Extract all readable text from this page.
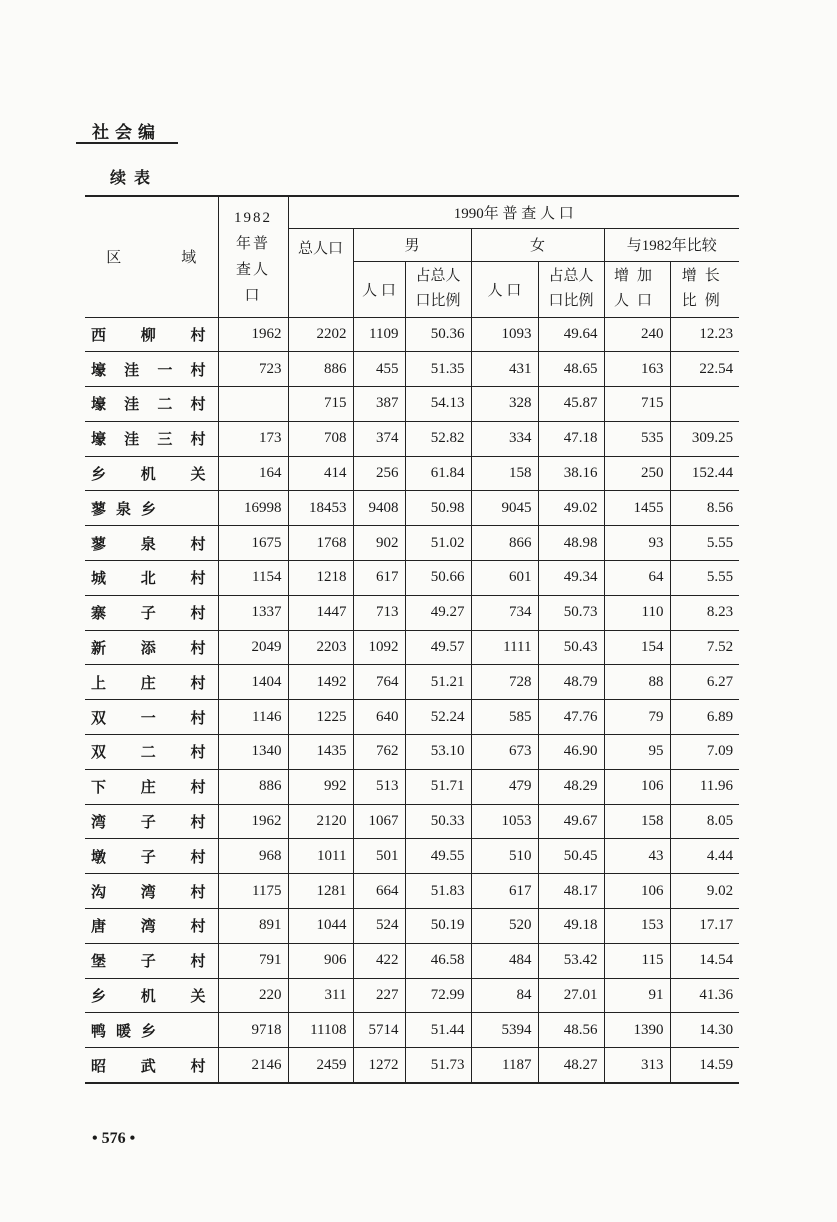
社会编
续表
区 域	1982年普查人口	1990年 普 查 人 口						
		总人口	男		女		与1982年比较	
			人 口	占总人口比例	人 口	占总人口比例	增加人口	增长比例

西柳村	1962	2202	1109	50.36	1093	49.64	240	12.23

壕洼一村	723	886	455	51.35	431	48.65	163	22.54

壕洼二村		715	387	54.13	328	45.87	715	

壕洼三村	173	708	374	52.82	334	47.18	535	309.25

乡机关	164	414	256	61.84	158	38.16	250	152.44
蓼泉乡	16998	18453	9408	50.98	9045	49.02	1455	8.56

蓼泉村	1675	1768	902	51.02	866	48.98	93	5.55

城北村	1154	1218	617	50.66	601	49.34	64	5.55

寨子村	1337	1447	713	49.27	734	50.73	110	8.23

新添村	2049	2203	1092	49.57	1111	50.43	154	7.52

上庄村	1404	1492	764	51.21	728	48.79	88	6.27

双一村	1146	1225	640	52.24	585	47.76	79	6.89

双二村	1340	1435	762	53.10	673	46.90	95	7.09

下庄村	886	992	513	51.71	479	48.29	106	11.96

湾子村	1962	2120	1067	50.33	1053	49.67	158	8.05

墩子村	968	1011	501	49.55	510	50.45	43	4.44

沟湾村	1175	1281	664	51.83	617	48.17	106	9.02

唐湾村	891	1044	524	50.19	520	49.18	153	17.17

堡子村	791	906	422	46.58	484	53.42	115	14.54

乡机关	220	311	227	72.99	84	27.01	91	41.36
鸭暖乡	9718	11108	5714	51.44	5394	48.56	1390	14.30

昭武村	2146	2459	1272	51.73	1187	48.27	313	14.59
• 576 •
